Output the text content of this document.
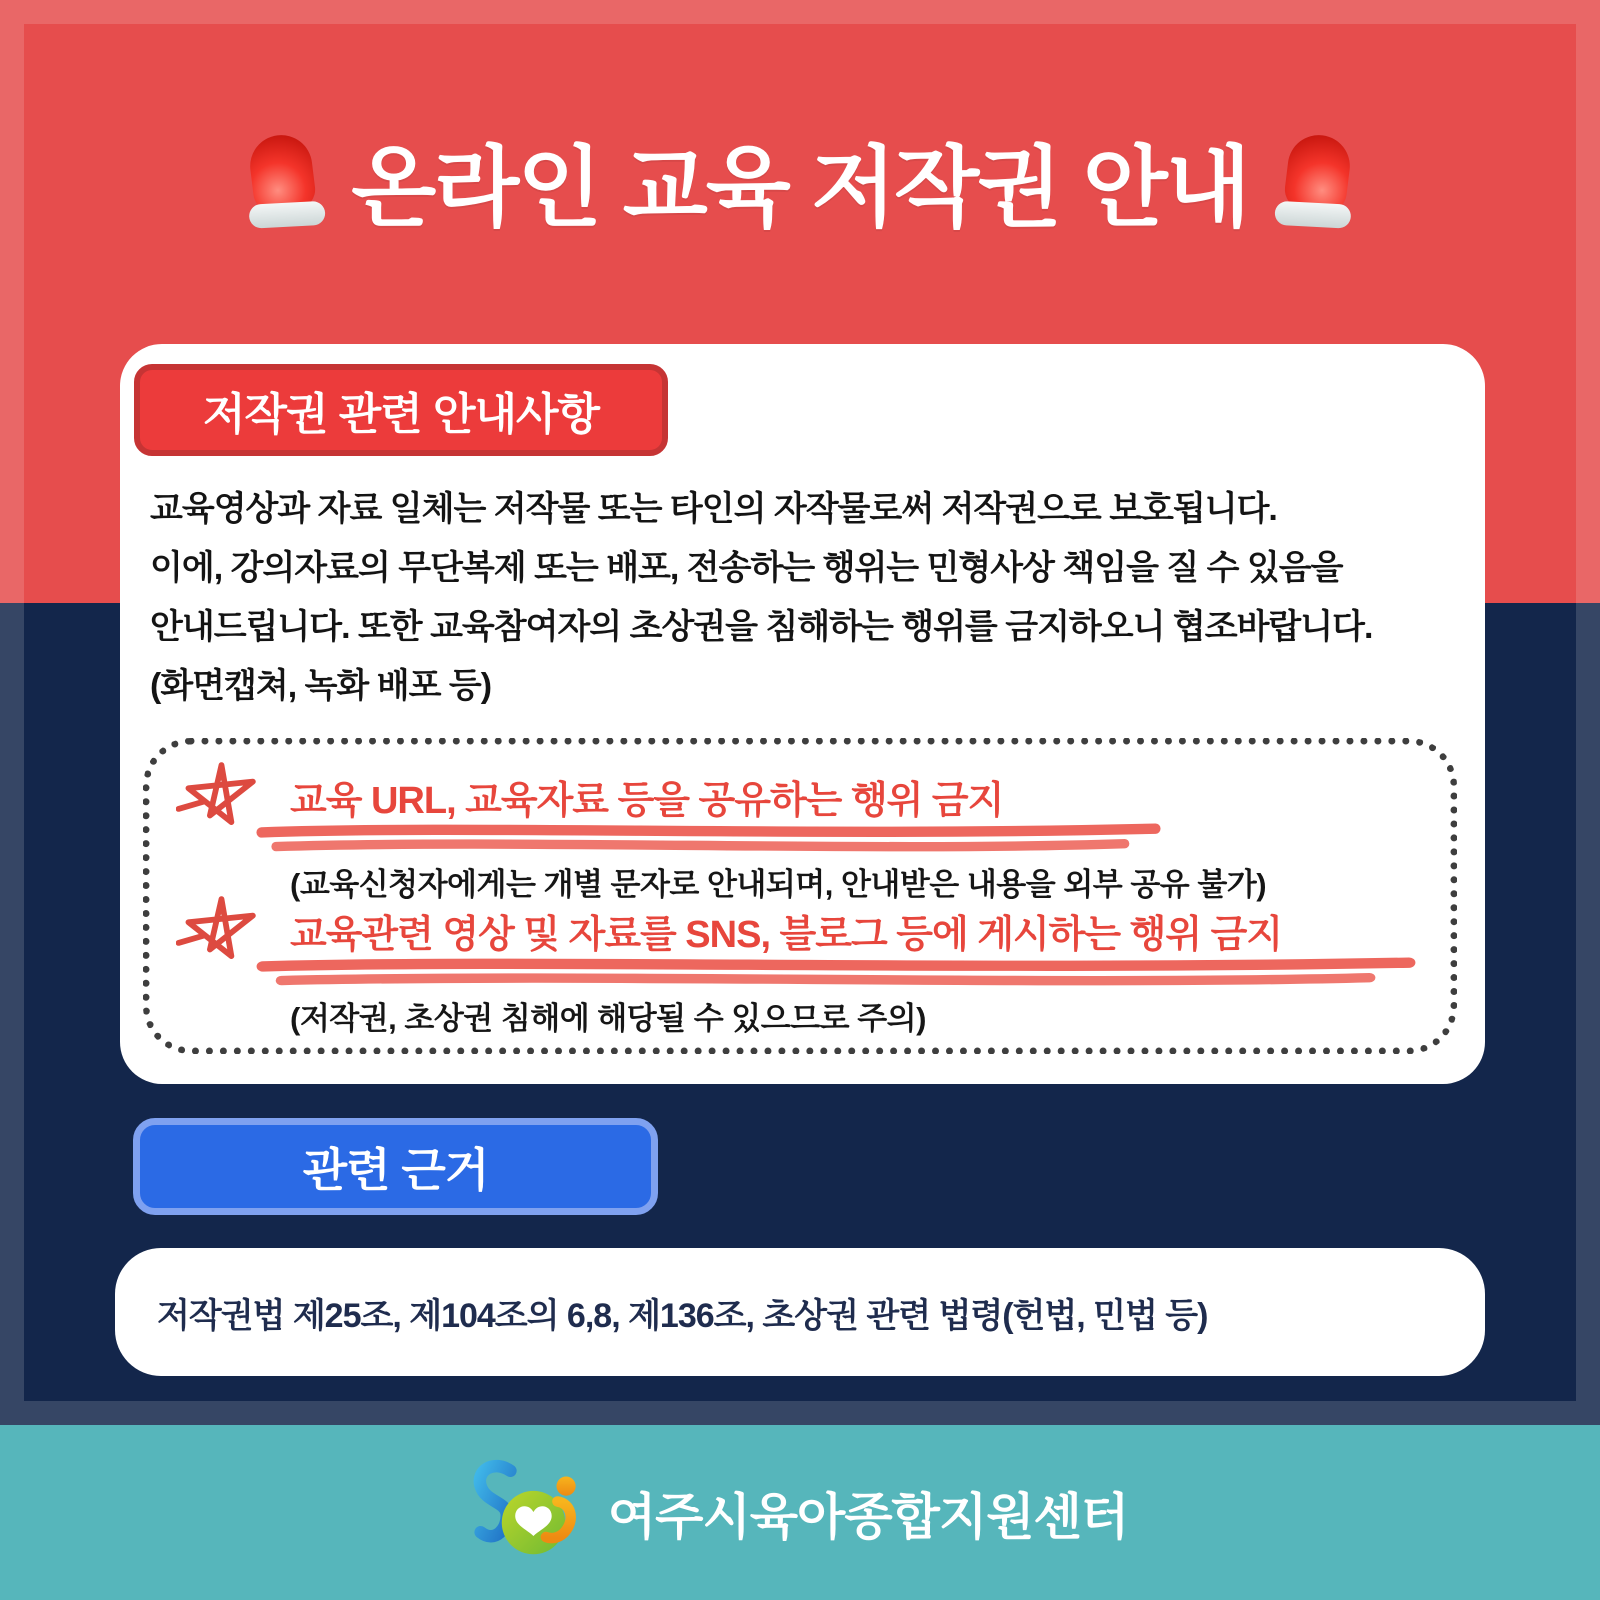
온라인 교육 저작권 안내
저작권 관련 안내사항
교육영상과 자료 일체는 저작물 또는 타인의 자작물로써 저작권으로 보호됩니다.
이에, 강의자료의 무단복제 또는 배포, 전송하는 행위는 민형사상 책임을 질 수 있음을
안내드립니다. 또한 교육참여자의 초상권을 침해하는 행위를 금지하오니 협조바랍니다.
(화면캡쳐, 녹화 배포 등)
교육 URL, 교육자료 등을 공유하는 행위 금지
(교육신청자에게는 개별 문자로 안내되며, 안내받은 내용을 외부 공유 불가)
교육관련 영상 및 자료를 SNS, 블로그 등에 게시하는 행위 금지
(저작권, 초상권 침해에 해당될 수 있으므로 주의)
관련 근거
저작권법 제25조, 제104조의 6,8, 제136조, 초상권 관련 법령(헌법, 민법 등)
여주시육아종합지원센터
